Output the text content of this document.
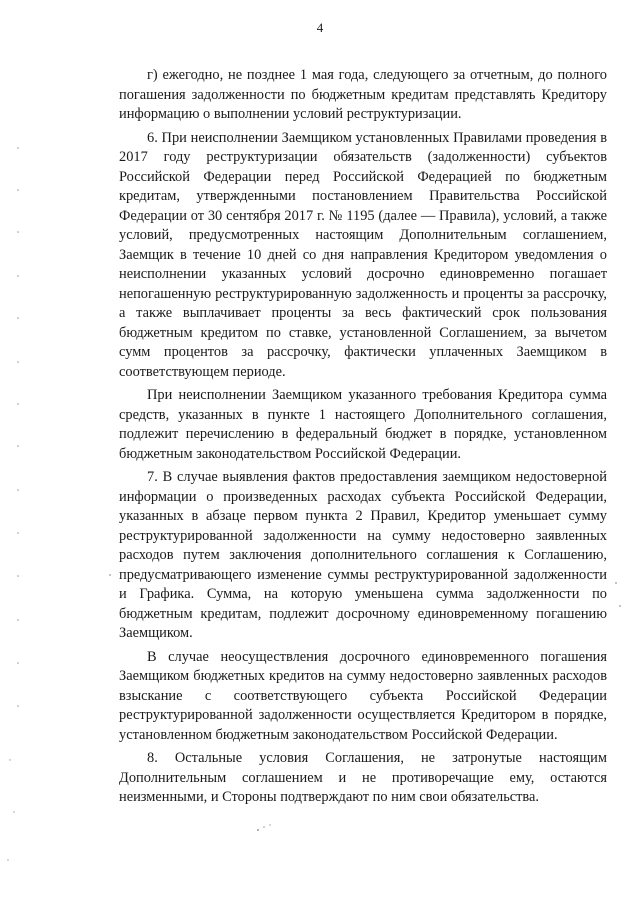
4

г) ежегодно, не позднее 1 мая года, следующего за отчетным, до полного погашения задолженности по бюджетным кредитам представлять Кредитору информацию о выполнении условий реструктуризации.

6. При неисполнении Заемщиком установленных Правилами проведения в 2017 году реструктуризации обязательств (задолженности) субъектов Российской Федерации перед Российской Федерацией по бюджетным кредитам, утвержденными постановлением Правительства Российской Федерации от 30 сентября 2017 г. № 1195 (далее — Правила), условий, а также условий, предусмотренных настоящим Дополнительным соглашением, Заемщик в течение 10 дней со дня направления Кредитором уведомления о неисполнении указанных условий досрочно единовременно погашает непогашенную реструктурированную задолженность и проценты за рассрочку, а также выплачивает проценты за весь фактический срок пользования бюджетным кредитом по ставке, установленной Соглашением, за вычетом сумм процентов за рассрочку, фактически уплаченных Заемщиком в соответствующем периоде.

При неисполнении Заемщиком указанного требования Кредитора сумма средств, указанных в пункте 1 настоящего Дополнительного соглашения, подлежит перечислению в федеральный бюджет в порядке, установленном бюджетным законодательством Российской Федерации.

7. В случае выявления фактов предоставления заемщиком недостоверной информации о произведенных расходах субъекта Российской Федерации, указанных в абзаце первом пункта 2 Правил, Кредитор уменьшает сумму реструктурированной задолженности на сумму недостоверно заявленных расходов путем заключения дополнительного соглашения к Соглашению, предусматривающего изменение суммы реструктурированной задолженности и Графика. Сумма, на которую уменьшена сумма задолженности по бюджетным кредитам, подлежит досрочному единовременному погашению Заемщиком.

В случае неосуществления досрочного единовременного погашения Заемщиком бюджетных кредитов на сумму недостоверно заявленных расходов взыскание с соответствующего субъекта Российской Федерации реструктурированной задолженности осуществляется Кредитором в порядке, установленном бюджетным законодательством Российской Федерации.

8. Остальные условия Соглашения, не затронутые настоящим Дополнительным соглашением и не противоречащие ему, остаются неизменными, и Стороны подтверждают по ним свои обязательства.
